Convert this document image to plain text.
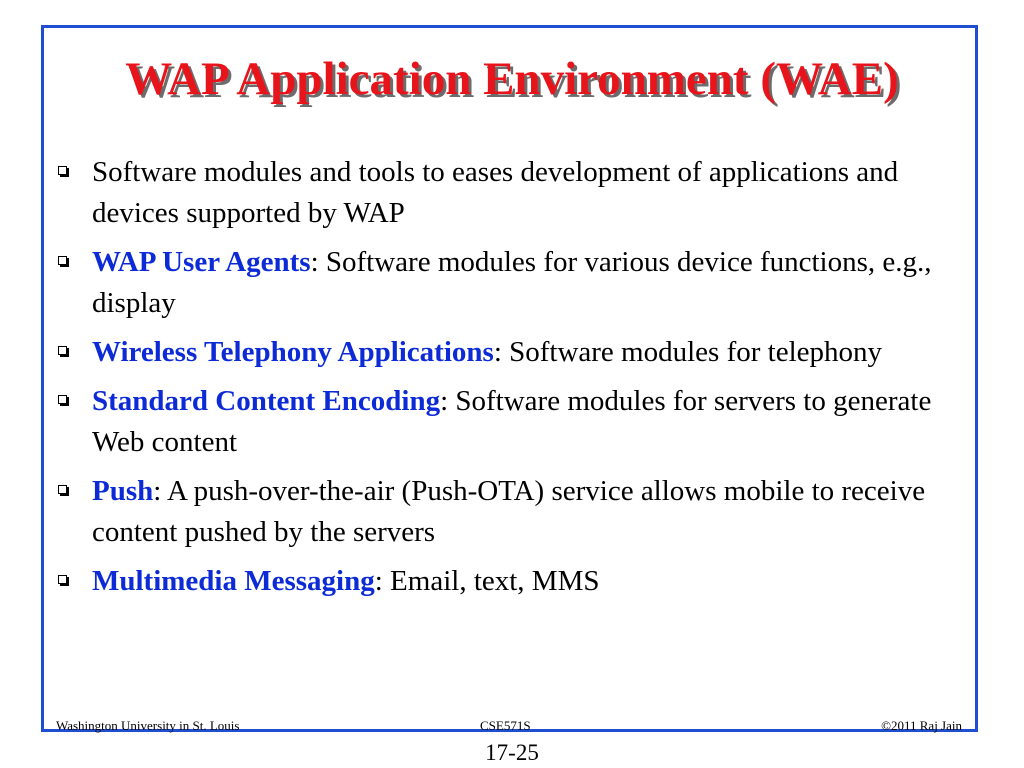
WAP Application Environment (WAE)
Software modules and tools to eases development of applications and devices supported by WAP
WAP User Agents: Software modules for various device functions, e.g., display
Wireless Telephony Applications: Software modules for telephony
Standard Content Encoding: Software modules for servers to generate Web content
Push: A push-over-the-air (Push-OTA) service allows mobile to receive content pushed by the servers
Multimedia Messaging: Email, text, MMS
Washington University in St. Louis	CSE571S	©2011 Raj Jain
17-25
